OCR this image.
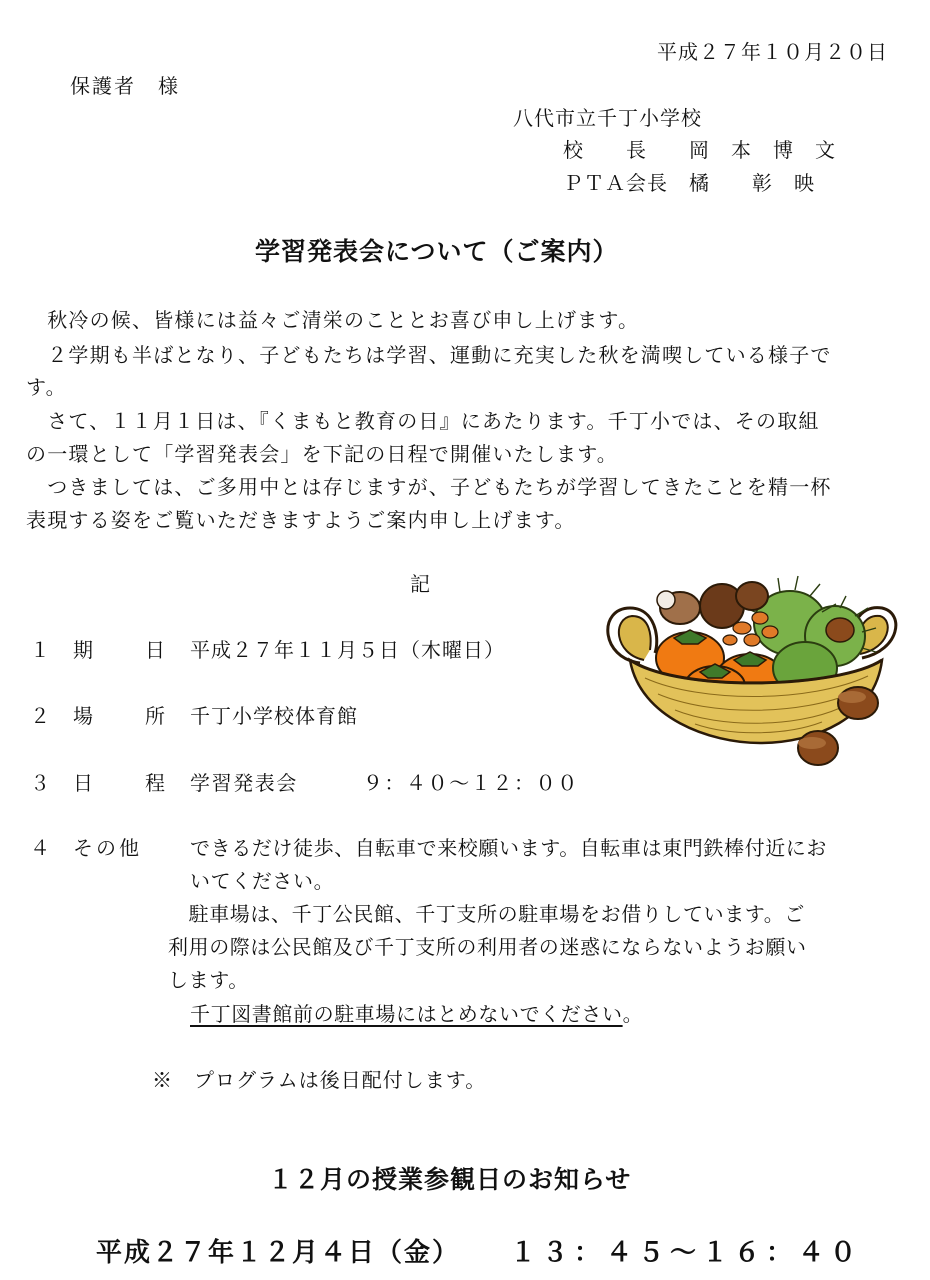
平成２７年１０月２０日
保護者　様
八代市立千丁小学校
校　　長　　岡　本　博　文
ＰＴＡ会長　橘　　彰　映
学習発表会について（ご案内）
　秋冷の候、皆様には益々ご清栄のこととお喜び申し上げます。
　２学期も半ばとなり、子どもたちは学習、運動に充実した秋を満喫している様子で
す。
　さて、１１月１日は、『くまもと教育の日』にあたります。千丁小では、その取組
の一環として「学習発表会」を下記の日程で開催いたします。
　つきましては、ご多用中とは存じますが、子どもたちが学習してきたことを精一杯
表現する姿をご覧いただきますようご案内申し上げます。
記
１ 期　日 平成２７年１１月５日（木曜日）
２ 場　所 千丁小学校体育館
３ 日　程 学習発表会　　　９：４０～１２：００
４ その他 できるだけ徒歩、自転車で来校願います。自転車は東門鉄棒付近にお
いてください。
　駐車場は、千丁公民館、千丁支所の駐車場をお借りしています。ご
利用の際は公民館及び千丁支所の利用者の迷惑にならないようお願い
します。
千丁図書館前の駐車場にはとめないでください。
※　プログラムは後日配付します。
１２月の授業参観日のお知らせ
平成２７年１２月４日（金） １３：４５～１６：４０
